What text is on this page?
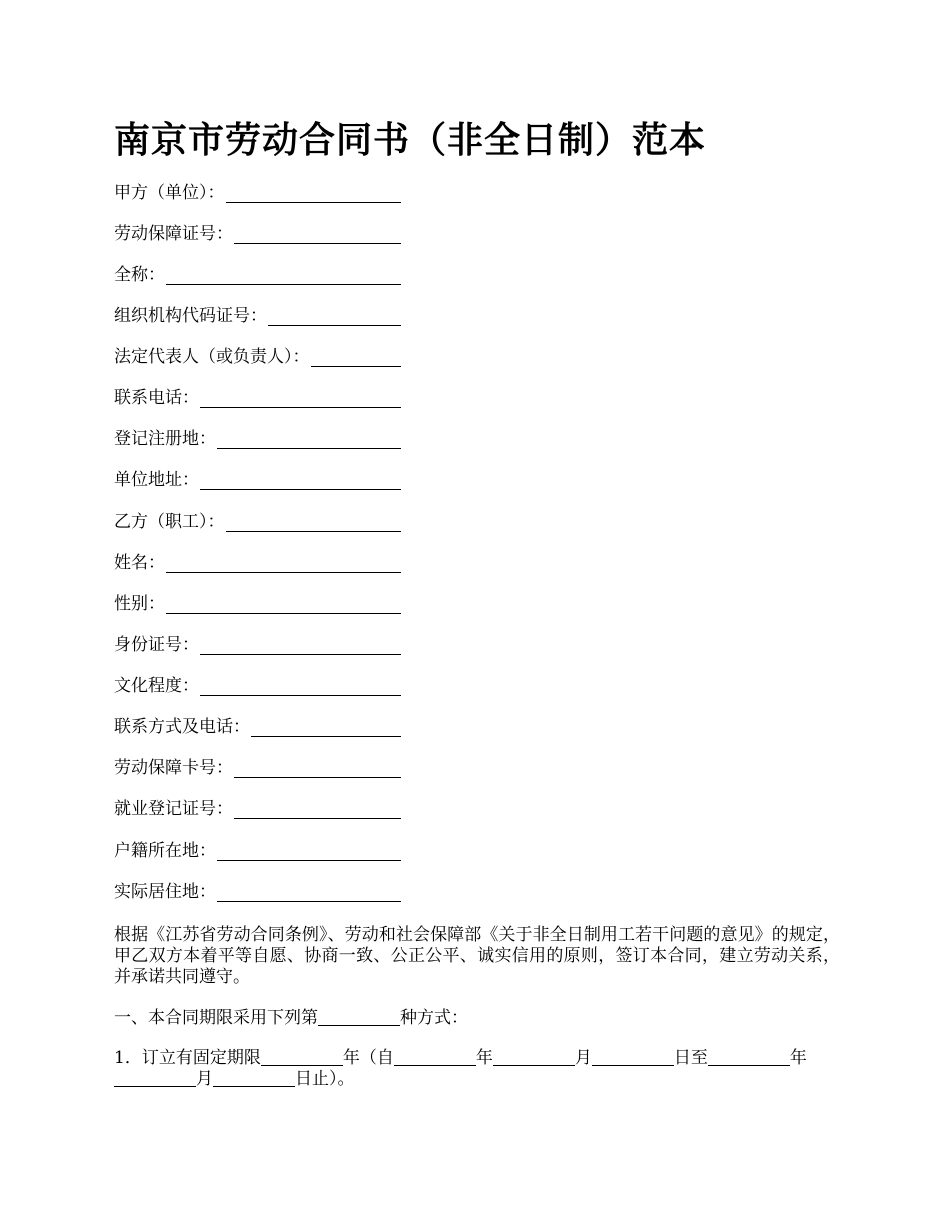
南京市劳动合同书（非全日制）范本
甲方（单位）：
劳动保障证号：
全称：
组织机构代码证号：
法定代表人（或负责人）：
联系电话：
登记注册地：
单位地址：
乙方（职工）：
姓名：
性别：
身份证号：
文化程度：
联系方式及电话：
劳动保障卡号：
就业登记证号：
户籍所在地：
实际居住地：
根据《江苏省劳动合同条例》、劳动和社会保障部《关于非全日制用工若干问题的意见》的规定，甲乙双方本着平等自愿、协商一致、公正公平、诚实信用的原则，签订本合同，建立劳动关系，并承诺共同遵守。
一、本合同期限采用下列第	种方式：
1．订立有固定期限	年（自	年	月	日至	年
月	日止）。
